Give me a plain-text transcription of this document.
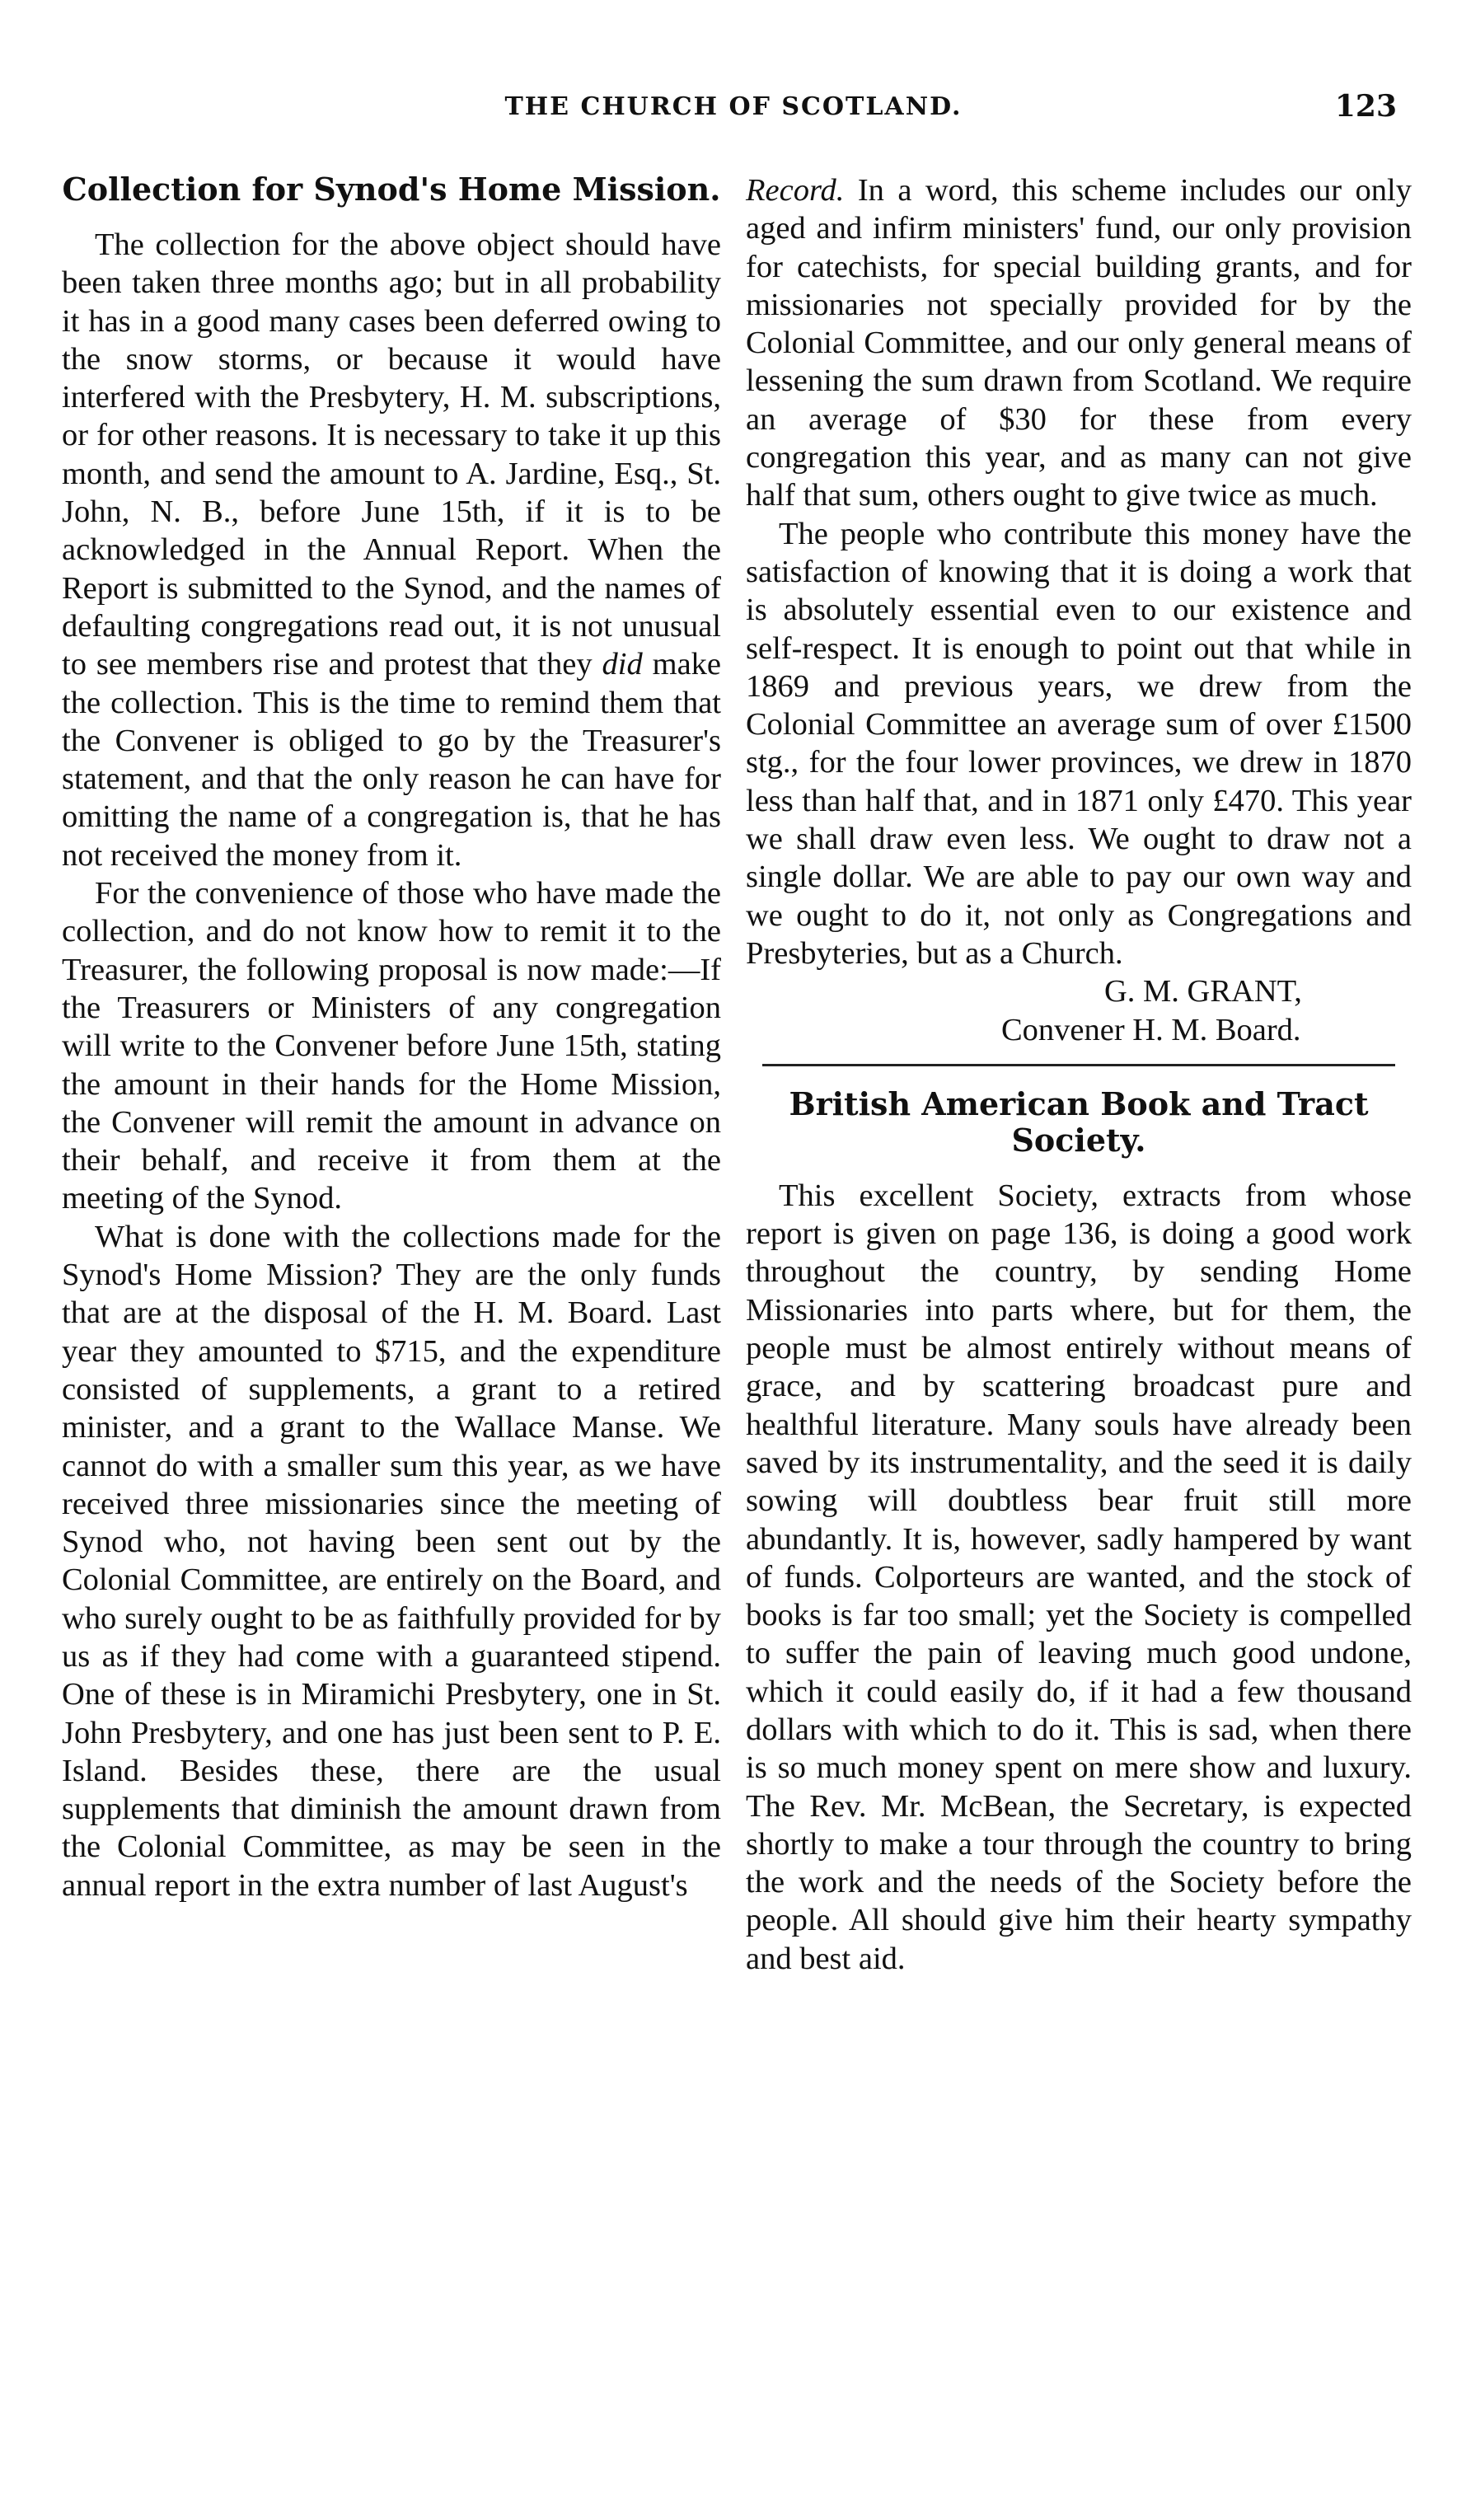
THE CHURCH OF SCOTLAND.	123
Collection for Synod's Home Mission.

The collection for the above object should have been taken three months ago; but in all probability it has in a good many cases been deferred owing to the snow storms, or because it would have interfered with the Presbytery, H. M. subscriptions, or for other reasons. It is necessary to take it up this month, and send the amount to A. Jardine, Esq., St. John, N. B., before June 15th, if it is to be acknowledged in the Annual Report. When the Report is submitted to the Synod, and the names of defaulting congregations read out, it is not unusual to see members rise and protest that they did make the collection. This is the time to remind them that the Convener is obliged to go by the Treasurer's statement, and that the only reason he can have for omitting the name of a congregation is, that he has not received the money from it.

For the convenience of those who have made the collection, and do not know how to remit it to the Treasurer, the following proposal is now made:—If the Treasurers or Ministers of any congregation will write to the Convener before June 15th, stating the amount in their hands for the Home Mission, the Convener will remit the amount in advance on their behalf, and receive it from them at the meeting of the Synod.

What is done with the collections made for the Synod's Home Mission? They are the only funds that are at the disposal of the H. M. Board. Last year they amounted to $715, and the expenditure consisted of supplements, a grant to a retired minister, and a grant to the Wallace Manse. We cannot do with a smaller sum this year, as we have received three missionaries since the meeting of Synod who, not having been sent out by the Colonial Committee, are entirely on the Board, and who surely ought to be as faithfully provided for by us as if they had come with a guaranteed stipend. One of these is in Miramichi Presbytery, one in St. John Presbytery, and one has just been sent to P. E. Island. Besides these, there are the usual supplements that diminish the amount drawn from the Colonial Committee, as may be seen in the annual report in the extra number of last August's

Record. In a word, this scheme includes our only aged and infirm ministers' fund, our only provision for catechists, for special building grants, and for missionaries not specially provided for by the Colonial Committee, and our only general means of lessening the sum drawn from Scotland. We require an average of $30 for these from every congregation this year, and as many can not give half that sum, others ought to give twice as much.

The people who contribute this money have the satisfaction of knowing that it is doing a work that is absolutely essential even to our existence and self-respect. It is enough to point out that while in 1869 and previous years, we drew from the Colonial Committee an average sum of over £1500 stg., for the four lower provinces, we drew in 1870 less than half that, and in 1871 only £470. This year we shall draw even less. We ought to draw not a single dollar. We are able to pay our own way and we ought to do it, not only as Congregations and Presbyteries, but as a Church.

G. M. GRANT,

Convener H. M. Board.

British American Book and Tract Society.

This excellent Society, extracts from whose report is given on page 136, is doing a good work throughout the country, by sending Home Missionaries into parts where, but for them, the people must be almost entirely without means of grace, and by scattering broadcast pure and healthful literature. Many souls have already been saved by its instrumentality, and the seed it is daily sowing will doubtless bear fruit still more abundantly. It is, however, sadly hampered by want of funds. Colporteurs are wanted, and the stock of books is far too small; yet the Society is compelled to suffer the pain of leaving much good undone, which it could easily do, if it had a few thousand dollars with which to do it. This is sad, when there is so much money spent on mere show and luxury. The Rev. Mr. McBean, the Secretary, is expected shortly to make a tour through the country to bring the work and the needs of the Society before the people. All should give him their hearty sympathy and best aid.
